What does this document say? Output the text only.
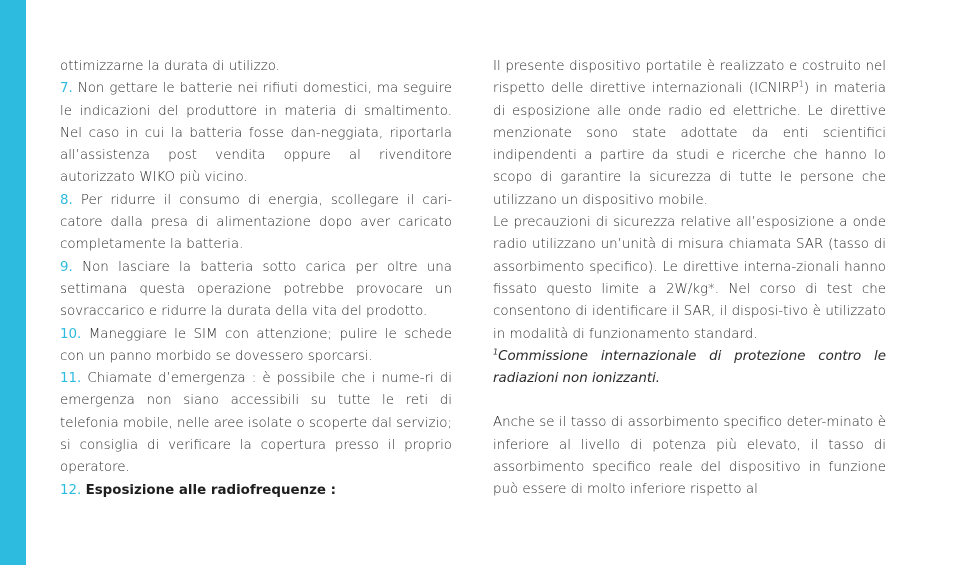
ottimizzarne la durata di utilizzo.

7. Non gettare le batterie nei rifiuti domestici, ma seguire le indicazioni del produttore in materia di smaltimento. Nel caso in cui la batteria fosse dan-neggiata, riportarla all’assistenza post vendita oppure al rivenditore autorizzato WIKO più vicino.

8. Per ridurre il consumo di energia, scollegare il cari-catore dalla presa di alimentazione dopo aver caricato completamente la batteria.

9. Non lasciare la batteria sotto carica per oltre una settimana questa operazione potrebbe provocare un sovraccarico e ridurre la durata della vita del prodotto.

10. Maneggiare le SIM con attenzione; pulire le schede con un panno morbido se dovessero sporcarsi.

11. Chiamate d’emergenza : è possibile che i nume-ri di emergenza non siano accessibili su tutte le reti di telefonia mobile, nelle aree isolate o scoperte dal servizio; si consiglia di verificare la copertura presso il proprio operatore.

12. Esposizione alle radiofrequenze :

Il presente dispositivo portatile è realizzato e costruito nel rispetto delle direttive internazionali (ICNIRP$^1$) in materia di esposizione alle onde radio ed elettriche. Le direttive menzionate sono state adottate da enti scientifici indipendenti a partire da studi e ricerche che hanno lo scopo di garantire la sicurezza di tutte le persone che utilizzano un dispositivo mobile.

Le precauzioni di sicurezza relative all’esposizione a onde radio utilizzano un’unità di misura chiamata SAR (tasso di assorbimento specifico). Le direttive interna-zionali hanno fissato questo limite a 2W/kg*. Nel corso di test che consentono di identificare il SAR, il disposi-tivo è utilizzato in modalità di funzionamento standard.

$^1$Commissione internazionale di protezione contro le radiazioni non ionizzanti.

Anche se il tasso di assorbimento specifico deter-minato è inferiore al livello di potenza più elevato, il tasso di assorbimento specifico reale del dispositivo in funzione può essere di molto inferiore rispetto al
